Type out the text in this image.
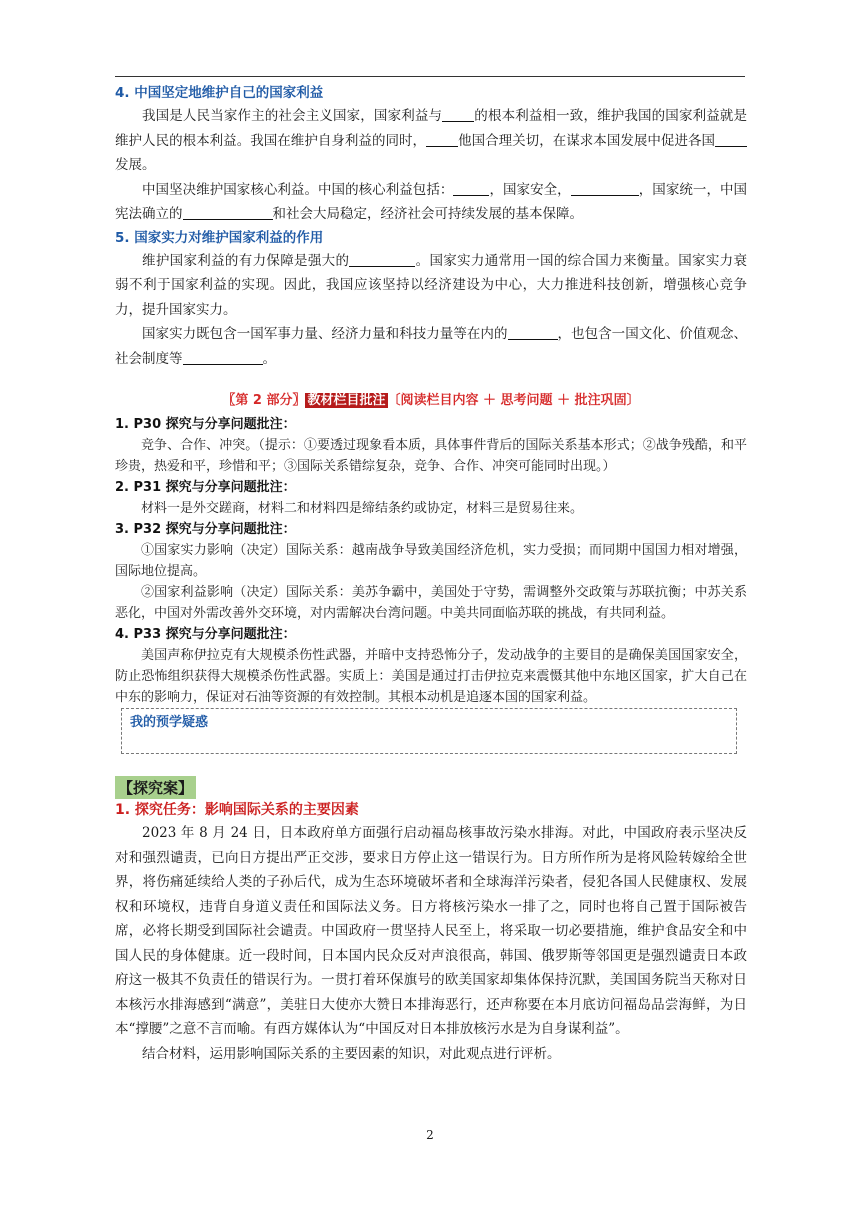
4. 中国坚定地维护自己的国家利益

我国是人民当家作主的社会主义国家，国家利益与 的根本利益相一致，维护我国的国家利益就是维护人民的根本利益。我国在维护自身利益的同时， 他国合理关切，在谋求本国发展中促进各国发展。

中国坚决维护国家核心利益。中国的核心利益包括：	，国家安全，	，国家统一，中国宪法确立的	和社会大局稳定，经济社会可持续发展的基本保障。

5. 国家实力对维护国家利益的作用

维护国家利益的有力保障是强大的	。国家实力通常用一国的综合国力来衡量。国家实力衰弱不利于国家利益的实现。因此，我国应该坚持以经济建设为中心，大力推进科技创新，增强核心竞争力，提升国家实力。

国家实力既包含一国军事力量、经济力量和科技力量等在内的	，也包含一国文化、价值观念、社会制度等	。

〖第 2 部分〗 教材栏目批注 〔阅读栏目内容 ＋ 思考问题 ＋ 批注巩固〕
1. P30 探究与分享问题批注：

竞争、合作、冲突。（提示：①要透过现象看本质，具体事件背后的国际关系基本形式；②战争残酷，和平珍贵，热爱和平，珍惜和平；③国际关系错综复杂，竞争、合作、冲突可能同时出现。）

2. P31 探究与分享问题批注：

材料一是外交蹉商，材料二和材料四是缔结条约或协定，材料三是贸易往来。

3. P32 探究与分享问题批注：

①国家实力影响（决定）国际关系：越南战争导致美国经济危机，实力受损；而同期中国国力相对增强，国际地位提高。

②国家利益影响（决定）国际关系：美苏争霸中，美国处于守势，需调整外交政策与苏联抗衡；中苏关系恶化，中国对外需改善外交环境，对内需解决台湾问题。中美共同面临苏联的挑战，有共同利益。

4. P33 探究与分享问题批注：

美国声称伊拉克有大规模杀伤性武器，并暗中支持恐怖分子，发动战争的主要目的是确保美国国家安全，防止恐怖组织获得大规模杀伤性武器。实质上：美国是通过打击伊拉克来震慑其他中东地区国家，扩大自己在中东的影响力，保证对石油等资源的有效控制。其根本动机是追逐本国的国家利益。

我的预学疑惑
【探究案】
1. 探究任务：影响国际关系的主要因素

2023 年 8 月 24 日，日本政府单方面强行启动福岛核事故污染水排海。对此，中国政府表示坚决反对和强烈谴责，已向日方提出严正交涉，要求日方停止这一错误行为。日方所作所为是将风险转嫁给全世界，将伤痛延续给人类的子孙后代，成为生态环境破坏者和全球海洋污染者，侵犯各国人民健康权、发展权和环境权，违背自身道义责任和国际法义务。日方将核污染水一排了之，同时也将自己置于国际被告席，必将长期受到国际社会谴责。中国政府一贯坚持人民至上，将采取一切必要措施，维护食品安全和中国人民的身体健康。近一段时间，日本国内民众反对声浪很高，韩国、俄罗斯等邻国更是强烈谴责日本政府这一极其不负责任的错误行为。一贯打着环保旗号的欧美国家却集体保持沉默，美国国务院当天称对日本核污水排海感到“满意”，美驻日大使亦大赞日本排海恶行，还声称要在本月底访问福岛品尝海鲜，为日本“撑腰”之意不言而喻。有西方媒体认为“中国反对日本排放核污水是为自身谋利益”。

结合材料，运用影响国际关系的主要因素的知识，对此观点进行评析。

2
